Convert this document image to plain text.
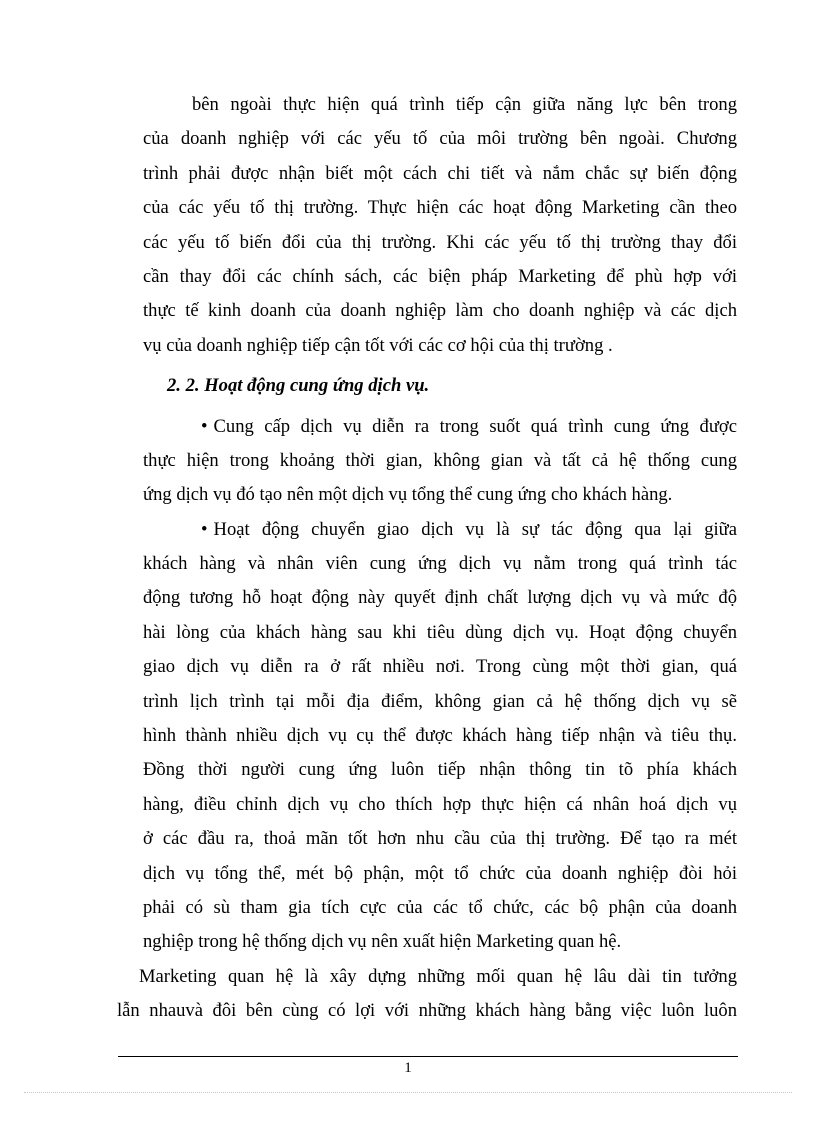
bên ngoài thực hiện quá trình tiếp cận giữa năng lực bên trong
của doanh nghiệp với các yếu tố của môi trường bên ngoài. Chương
trình phải được nhận biết một cách chi tiết và nắm chắc sự biến động
của các yếu tố thị trường. Thực hiện các hoạt động Marketing cần theo
các yếu tố biến đổi của thị trường. Khi các yếu tố thị trường thay đổi
cần thay đổi các chính sách, các biện pháp Marketing để phù hợp với
thực tế kinh doanh của doanh nghiệp làm cho doanh nghiệp và các dịch
vụ của doanh nghiệp tiếp cận tốt với các cơ hội của thị trường .
2. 2. Hoạt động cung ứng dịch vụ.
• Cung cấp dịch vụ diễn ra trong suốt quá trình cung ứng được
thực hiện trong khoảng thời gian, không gian và tất cả hệ thống cung
ứng dịch vụ đó tạo nên một dịch vụ tổng thể cung ứng cho khách hàng.
• Hoạt động chuyển giao dịch vụ là sự tác động qua lại giữa
khách hàng và nhân viên cung ứng dịch vụ nằm trong quá trình tác
động tương hỗ hoạt động này quyết định chất lượng dịch vụ và mức độ
hài lòng của khách hàng sau khi tiêu dùng dịch vụ. Hoạt động chuyển
giao dịch vụ diễn ra ở rất nhiều nơi. Trong cùng một thời gian, quá
trình lịch trình tại mỗi địa điểm, không gian cả hệ thống dịch vụ sẽ
hình thành nhiều dịch vụ cụ thể được khách hàng tiếp nhận và tiêu thụ.
Đồng thời người cung ứng luôn tiếp nhận thông tin tõ phía khách
hàng, điều chỉnh dịch vụ cho thích hợp thực hiện cá nhân hoá dịch vụ
ở các đầu ra, thoả mãn tốt hơn nhu cầu của thị trường. Để tạo ra mét
dịch vụ tổng thể, mét bộ phận, một tổ chức của doanh nghiệp đòi hỏi
phải có sù tham gia tích cực của các tổ chức, các bộ phận của doanh
nghiệp trong hệ thống dịch vụ nên xuất hiện Marketing quan hệ.
Marketing quan hệ là xây dựng những mối quan hệ lâu dài tin tưởng
lẫn nhauvà đôi bên cùng có lợi với những khách hàng bằng việc luôn luôn
1
